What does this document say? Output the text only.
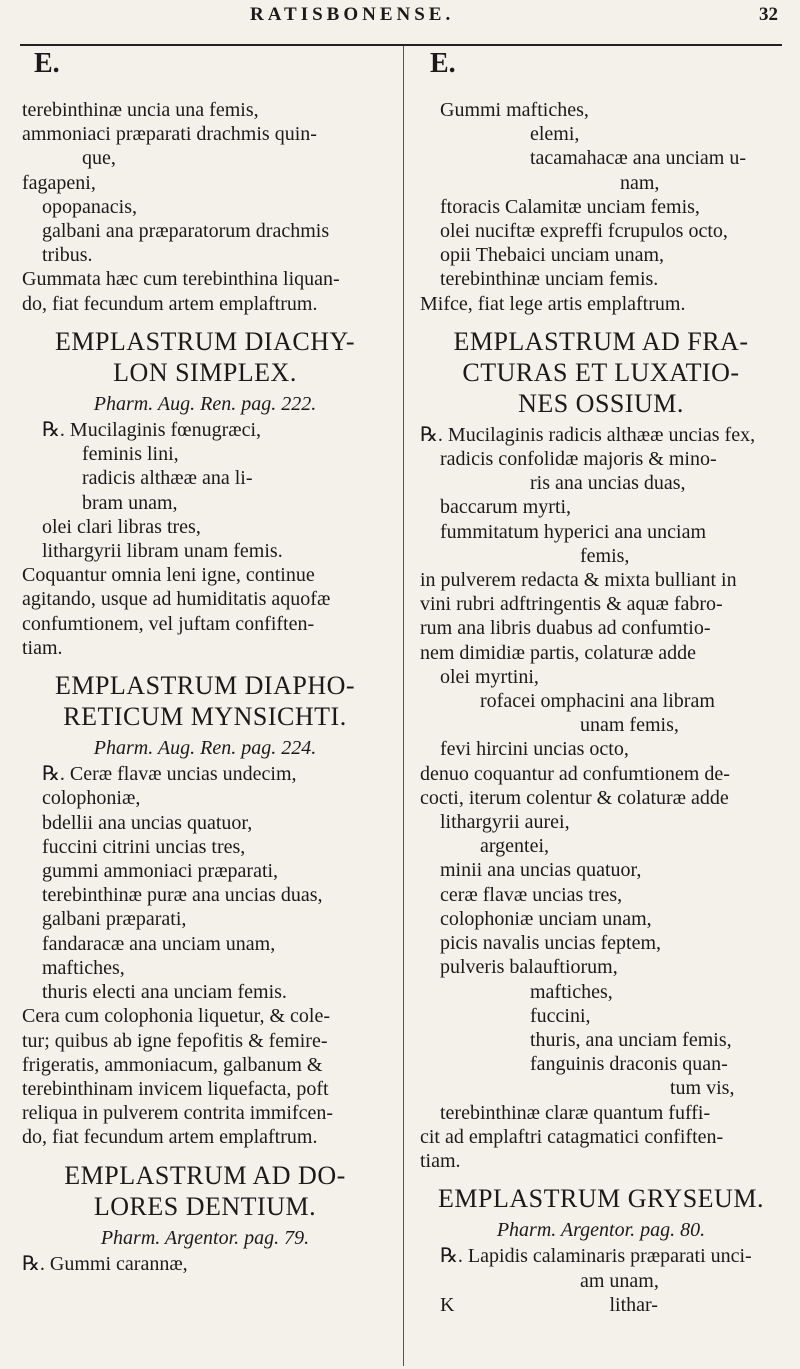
RATISBONENSE.	32
E.
terebinthinæ uncia una femis,
ammoniaci præparati drachmis quin-
que,
fagapeni,
opopanacis,
galbani ana præparatorum drachmis
tribus.
Gummata hæc cum terebinthina liquan-
do, fiat fecundum artem emplaftrum.
EMPLASTRUM DIACHY-
LON SIMPLEX.
Pharm. Aug. Ren. pag. 222.
℞. Mucilaginis fœnugræci,
feminis lini,
radicis althææ ana li-
bram unam,
olei clari libras tres,
lithargyrii libram unam femis.
Coquantur omnia leni igne, continue
agitando, usque ad humiditatis aquofæ
confumtionem, vel juftam confiften-
tiam.
EMPLASTRUM DIAPHO-
RETICUM MYNSICHTI.
Pharm. Aug. Ren. pag. 224.
℞. Ceræ flavæ uncias undecim,
colophoniæ,
bdellii ana uncias quatuor,
fuccini citrini uncias tres,
gummi ammoniaci præparati,
terebinthinæ puræ ana uncias duas,
galbani præparati,
fandaracæ ana unciam unam,
maftiches,
thuris electi ana unciam femis.
Cera cum colophonia liquetur, & cole-
tur; quibus ab igne fepofitis & femire-
frigeratis, ammoniacum, galbanum &
terebinthinam invicem liquefacta, poft
reliqua in pulverem contrita immifcen-
do, fiat fecundum artem emplaftrum.
EMPLASTRUM AD DO-
LORES DENTIUM.
Pharm. Argentor. pag. 79.
℞. Gummi carannæ,
E.
Gummi maftiches,
elemi,
tacamahacæ ana unciam u-
nam,
ftoracis Calamitæ unciam femis,
olei nuciftæ expreffi fcrupulos octo,
opii Thebaici unciam unam,
terebinthinæ unciam femis.
Mifce, fiat lege artis emplaftrum.
EMPLASTRUM AD FRA-
CTURAS ET LUXATIO-
NES OSSIUM.
℞. Mucilaginis radicis althææ uncias fex,
radicis confolidæ majoris & mino-
ris ana uncias duas,
baccarum myrti,
fummitatum hyperici ana unciam
femis,
in pulverem redacta & mixta bulliant in
vini rubri adftringentis & aquæ fabro-
rum ana libris duabus ad confumtio-
nem dimidiæ partis, colaturæ adde
olei myrtini,
rofacei omphacini ana libram
unam femis,
fevi hircini uncias octo,
denuo coquantur ad confumtionem de-
cocti, iterum colentur & colaturæ adde
lithargyrii aurei,
argentei,
minii ana uncias quatuor,
ceræ flavæ uncias tres,
colophoniæ unciam unam,
picis navalis uncias feptem,
pulveris balauftiorum,
maftiches,
fuccini,
thuris, ana unciam femis,
fanguinis draconis quan-
tum vis,
terebinthinæ claræ quantum fuffi-
cit ad emplaftri catagmatici confiften-
tiam.
EMPLASTRUM GRYSEUM.
Pharm. Argentor. pag. 80.
℞. Lapidis calaminaris præparati unci-
am unam,
K	lithar-
